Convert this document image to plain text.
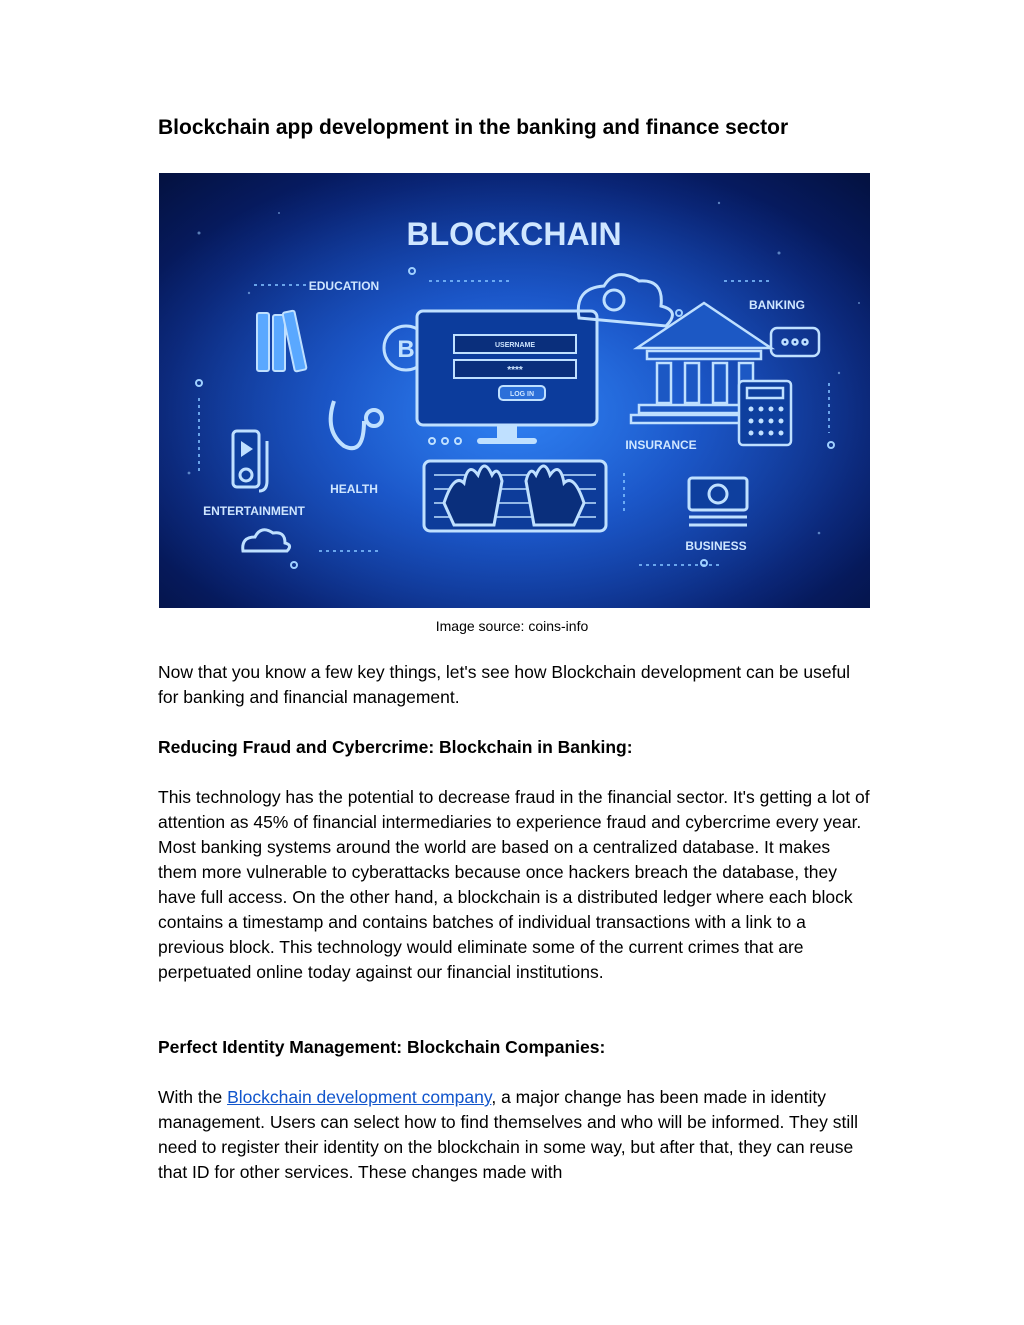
Blockchain app development in the banking and finance sector
BLOCKCHAIN
EDUCATION
B	USERNAME
****
LOG IN
BANKING
INSURANCE
HEALTH
ENTERTAINMENT
BUSINESS
Image source: coins-info

Now that you know a few key things, let's see how Blockchain development can be useful for banking and financial management.

Reducing Fraud and Cybercrime: Blockchain in Banking:

This technology has the potential to decrease fraud in the financial sector. It's getting a lot of attention as 45% of financial intermediaries to experience fraud and cybercrime every year. Most banking systems around the world are based on a centralized database. It makes them more vulnerable to cyberattacks because once hackers breach the database, they have full access. On the other hand, a blockchain is a distributed ledger where each block contains a timestamp and contains batches of individual transactions with a link to a previous block. This technology would eliminate some of the current crimes that are perpetuated online today against our financial institutions.

Perfect Identity Management: Blockchain Companies:

With the Blockchain development company, a major change has been made in identity management. Users can select how to find themselves and who will be informed. They still need to register their identity on the blockchain in some way, but after that, they can reuse that ID for other services. These changes made with
